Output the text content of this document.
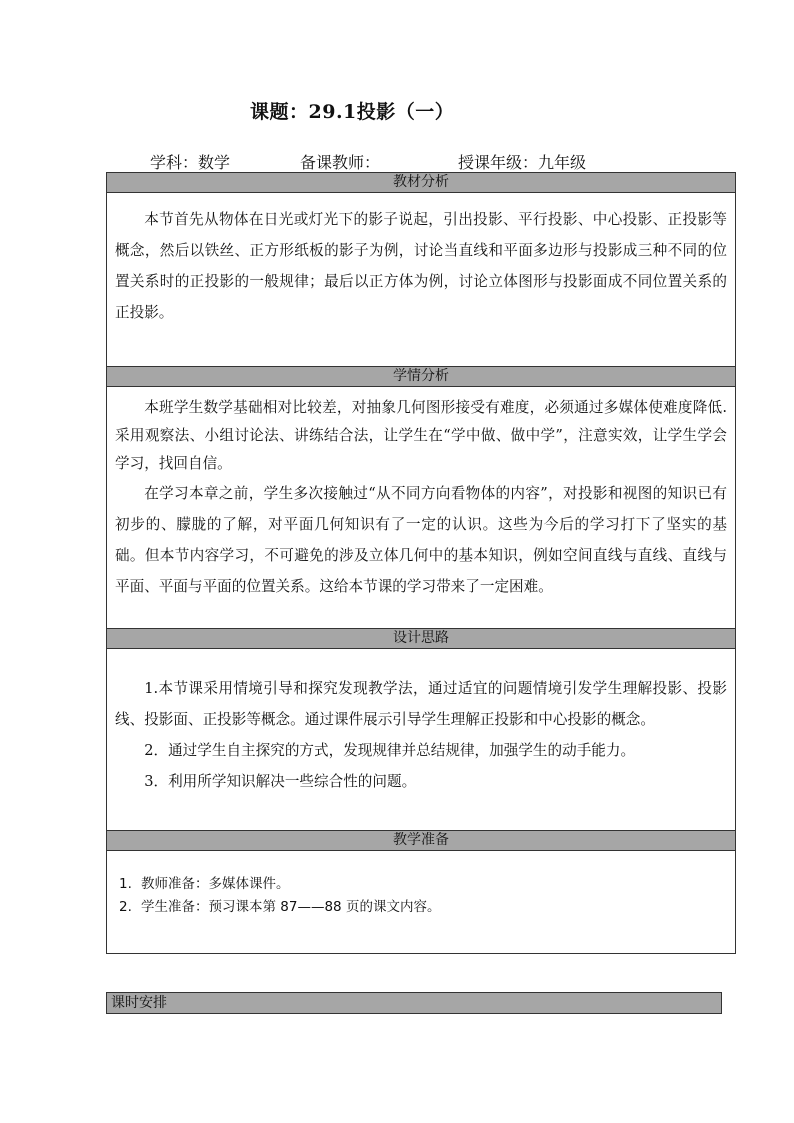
课题：29.1投影（一）
学科：数学	备课教师：	授课年级：九年级
教材分析

本节首先从物体在日光或灯光下的影子说起，引出投影、平行投影、中心投影、正投影等概念，然后以铁丝、正方形纸板的影子为例，讨论当直线和平面多边形与投影成三种不同的位置关系时的正投影的一般规律；最后以正方体为例，讨论立体图形与投影面成不同位置关系的正投影。

学情分析

本班学生数学基础相对比较差，对抽象几何图形接受有难度，必须通过多媒体使难度降低.采用观察法、小组讨论法、讲练结合法，让学生在“学中做、做中学”，注意实效，让学生学会学习，找回自信。

在学习本章之前，学生多次接触过“从不同方向看物体的内容”，对投影和视图的知识已有初步的、朦胧的了解，对平面几何知识有了一定的认识。这些为今后的学习打下了坚实的基础。但本节内容学习，不可避免的涉及立体几何中的基本知识，例如空间直线与直线、直线与平面、平面与平面的位置关系。这给本节课的学习带来了一定困难。

设计思路

1.本节课采用情境引导和探究发现教学法，通过适宜的问题情境引发学生理解投影、投影线、投影面、正投影等概念。通过课件展示引导学生理解正投影和中心投影的概念。

2．通过学生自主探究的方式，发现规律并总结规律，加强学生的动手能力。

3．利用所学知识解决一些综合性的问题。

教学准备
1. 教师准备：多媒体课件。
2. 学生准备：预习课本第 87——88 页的课文内容。
课时安排
